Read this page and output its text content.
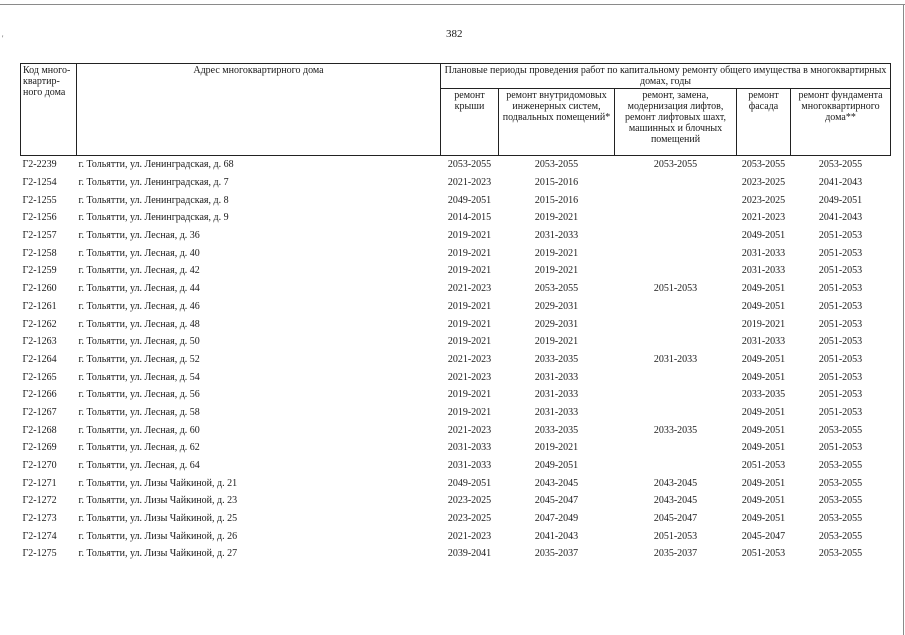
'	382
Код много-квартир-ного дома	Адрес многоквартирного дома	Плановые периоды проведения работ по капитальному ремонту общего имущества в многоквартирных домах, годы				
		ремонт крыши	ремонт внутридомовых инженерных систем, подвальных помещений*	ремонт, замена, модернизация лифтов, ремонт лифтовых шахт, машинных и блочных помещений	ремонт фасада	ремонт фундамента многоквартирного дома**
Г2-2239	г. Тольятти, ул. Ленинградская, д. 68	2053-2055	2053-2055	2053-2055	2053-2055	2053-2055
Г2-1254	г. Тольятти, ул. Ленинградская, д. 7	2021-2023	2015-2016		2023-2025	2041-2043
Г2-1255	г. Тольятти, ул. Ленинградская, д. 8	2049-2051	2015-2016		2023-2025	2049-2051
Г2-1256	г. Тольятти, ул. Ленинградская, д. 9	2014-2015	2019-2021		2021-2023	2041-2043
Г2-1257	г. Тольятти, ул. Лесная, д. 36	2019-2021	2031-2033		2049-2051	2051-2053
Г2-1258	г. Тольятти, ул. Лесная, д. 40	2019-2021	2019-2021		2031-2033	2051-2053
Г2-1259	г. Тольятти, ул. Лесная, д. 42	2019-2021	2019-2021		2031-2033	2051-2053
Г2-1260	г. Тольятти, ул. Лесная, д. 44	2021-2023	2053-2055	2051-2053	2049-2051	2051-2053
Г2-1261	г. Тольятти, ул. Лесная, д. 46	2019-2021	2029-2031		2049-2051	2051-2053
Г2-1262	г. Тольятти, ул. Лесная, д. 48	2019-2021	2029-2031		2019-2021	2051-2053
Г2-1263	г. Тольятти, ул. Лесная, д. 50	2019-2021	2019-2021		2031-2033	2051-2053
Г2-1264	г. Тольятти, ул. Лесная, д. 52	2021-2023	2033-2035	2031-2033	2049-2051	2051-2053
Г2-1265	г. Тольятти, ул. Лесная, д. 54	2021-2023	2031-2033		2049-2051	2051-2053
Г2-1266	г. Тольятти, ул. Лесная, д. 56	2019-2021	2031-2033		2033-2035	2051-2053
Г2-1267	г. Тольятти, ул. Лесная, д. 58	2019-2021	2031-2033		2049-2051	2051-2053
Г2-1268	г. Тольятти, ул. Лесная, д. 60	2021-2023	2033-2035	2033-2035	2049-2051	2053-2055
Г2-1269	г. Тольятти, ул. Лесная, д. 62	2031-2033	2019-2021		2049-2051	2051-2053
Г2-1270	г. Тольятти, ул. Лесная, д. 64	2031-2033	2049-2051		2051-2053	2053-2055
Г2-1271	г. Тольятти, ул. Лизы Чайкиной, д. 21	2049-2051	2043-2045	2043-2045	2049-2051	2053-2055
Г2-1272	г. Тольятти, ул. Лизы Чайкиной, д. 23	2023-2025	2045-2047	2043-2045	2049-2051	2053-2055
Г2-1273	г. Тольятти, ул. Лизы Чайкиной, д. 25	2023-2025	2047-2049	2045-2047	2049-2051	2053-2055
Г2-1274	г. Тольятти, ул. Лизы Чайкиной, д. 26	2021-2023	2041-2043	2051-2053	2045-2047	2053-2055
Г2-1275	г. Тольятти, ул. Лизы Чайкиной, д. 27	2039-2041	2035-2037	2035-2037	2051-2053	2053-2055
